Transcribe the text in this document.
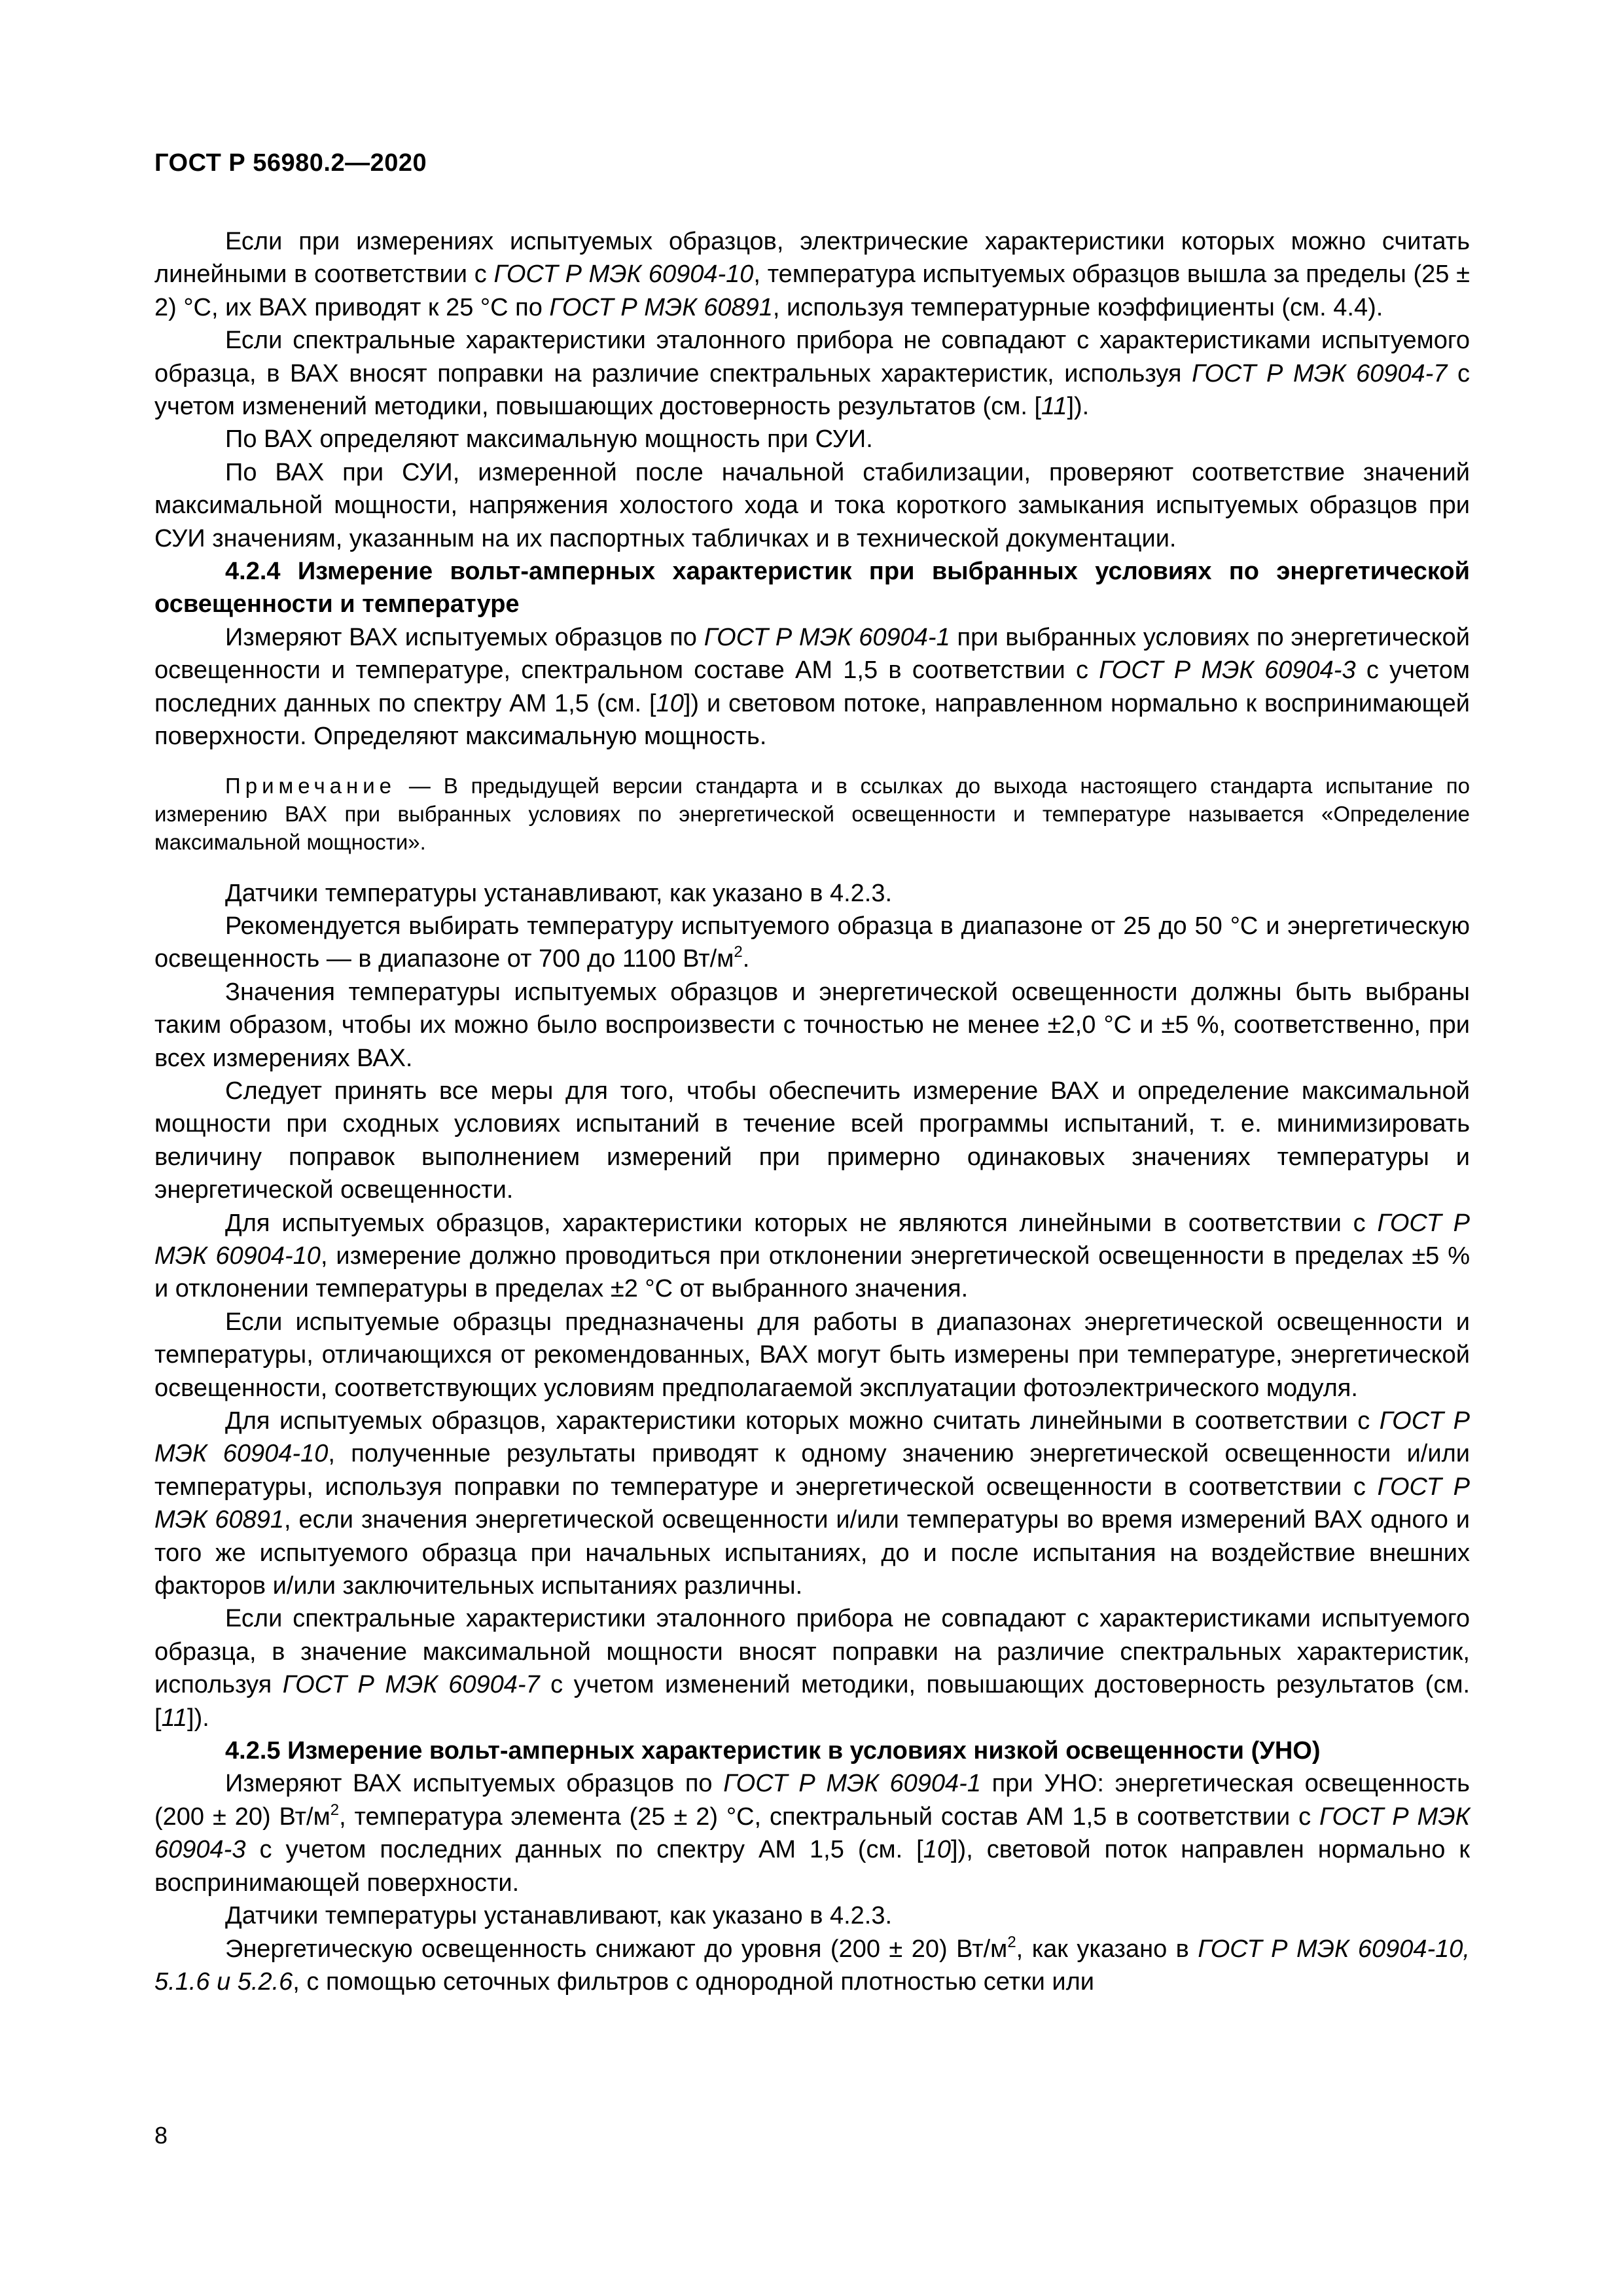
ГОСТ Р 56980.2—2020

Если при измерениях испытуемых образцов, электрические характеристики которых можно считать линейными в соответствии с ГОСТ Р МЭК 60904-10, температура испытуемых образцов вышла за пределы (25 ± 2) °С, их ВАХ приводят к 25 °С по ГОСТ Р МЭК 60891, используя температурные коэффициенты (см. 4.4).

Если спектральные характеристики эталонного прибора не совпадают с характеристиками испытуемого образца, в ВАХ вносят поправки на различие спектральных характеристик, используя ГОСТ Р МЭК 60904-7 с учетом изменений методики, повышающих достоверность результатов (см. [11]).

По ВАХ определяют максимальную мощность при СУИ.

По ВАХ при СУИ, измеренной после начальной стабилизации, проверяют соответствие значений максимальной мощности, напряжения холостого хода и тока короткого замыкания испытуемых образцов при СУИ значениям, указанным на их паспортных табличках и в технической документации.

4.2.4 Измерение вольт-амперных характеристик при выбранных условиях по энергетической освещенности и температуре

Измеряют ВАХ испытуемых образцов по ГОСТ Р МЭК 60904-1 при выбранных условиях по энергетической освещенности и температуре, спектральном составе АМ 1,5 в соответствии с ГОСТ Р МЭК 60904-3 с учетом последних данных по спектру АМ 1,5 (см. [10]) и световом потоке, направленном нормально к воспринимающей поверхности. Определяют максимальную мощность.

Примечание — В предыдущей версии стандарта и в ссылках до выхода настоящего стандарта испытание по измерению ВАХ при выбранных условиях по энергетической освещенности и температуре называется «Определение максимальной мощности».

Датчики температуры устанавливают, как указано в 4.2.3.

Рекомендуется выбирать температуру испытуемого образца в диапазоне от 25 до 50 °С и энергетическую освещенность — в диапазоне от 700 до 1100 $Вт/м^2$.

Значения температуры испытуемых образцов и энергетической освещенности должны быть выбраны таким образом, чтобы их можно было воспроизвести с точностью не менее ±2,0 °С и ±5 %, соответственно, при всех измерениях ВАХ.

Следует принять все меры для того, чтобы обеспечить измерение ВАХ и определение максимальной мощности при сходных условиях испытаний в течение всей программы испытаний, т. е. минимизировать величину поправок выполнением измерений при примерно одинаковых значениях температуры и энергетической освещенности.

Для испытуемых образцов, характеристики которых не являются линейными в соответствии с ГОСТ Р МЭК 60904-10, измерение должно проводиться при отклонении энергетической освещенности в пределах ±5 % и отклонении температуры в пределах ±2 °С от выбранного значения.

Если испытуемые образцы предназначены для работы в диапазонах энергетической освещенности и температуры, отличающихся от рекомендованных, ВАХ могут быть измерены при температуре, энергетической освещенности, соответствующих условиям предполагаемой эксплуатации фотоэлектрического модуля.

Для испытуемых образцов, характеристики которых можно считать линейными в соответствии с ГОСТ Р МЭК 60904-10, полученные результаты приводят к одному значению энергетической освещенности и/или температуры, используя поправки по температуре и энергетической освещенности в соответствии с ГОСТ Р МЭК 60891, если значения энергетической освещенности и/или температуры во время измерений ВАХ одного и того же испытуемого образца при начальных испытаниях, до и после испытания на воздействие внешних факторов и/или заключительных испытаниях различны.

Если спектральные характеристики эталонного прибора не совпадают с характеристиками испытуемого образца, в значение максимальной мощности вносят поправки на различие спектральных характеристик, используя ГОСТ Р МЭК 60904-7 с учетом изменений методики, повышающих достоверность результатов (см. [11]).

4.2.5 Измерение вольт-амперных характеристик в условиях низкой освещенности (УНО)

Измеряют ВАХ испытуемых образцов по ГОСТ Р МЭК 60904-1 при УНО: энергетическая освещенность (200 ± 20) $Вт/м^2$, температура элемента (25 ± 2) °С, спектральный состав АМ 1,5 в соответствии с ГОСТ Р МЭК 60904-3 с учетом последних данных по спектру АМ 1,5 (см. [10]), световой поток направлен нормально к воспринимающей поверхности.

Датчики температуры устанавливают, как указано в 4.2.3.

Энергетическую освещенность снижают до уровня (200 ± 20) $Вт/м^2$, как указано в ГОСТ Р МЭК 60904-10, 5.1.6 и 5.2.6, с помощью сеточных фильтров с однородной плотностью сетки или

8
